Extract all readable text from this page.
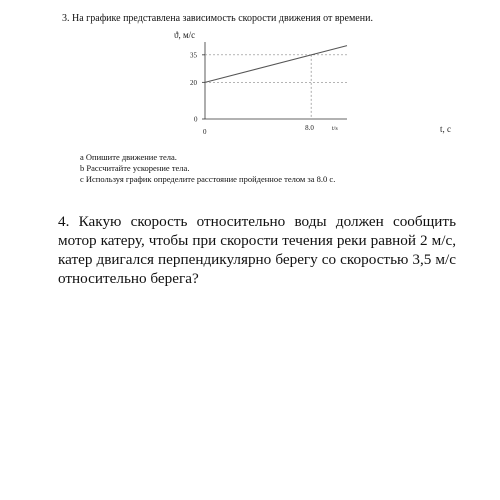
3. На графике представлена зависимость скорости движения от времени.
ϑ, м/с
35
20
0
0	8.0	t/s	t, c
a Опишите движение тела.
b Рассчитайте ускорение тела.
c Используя график определите расстояние пройденное телом за 8.0 с.

4. Какую скорость относительно воды должен сообщить мотор катеру, чтобы при скорости течения реки равной 2 м/с, катер двигался перпендикулярно берегу со скоростью 3,5 м/с относительно берега?
